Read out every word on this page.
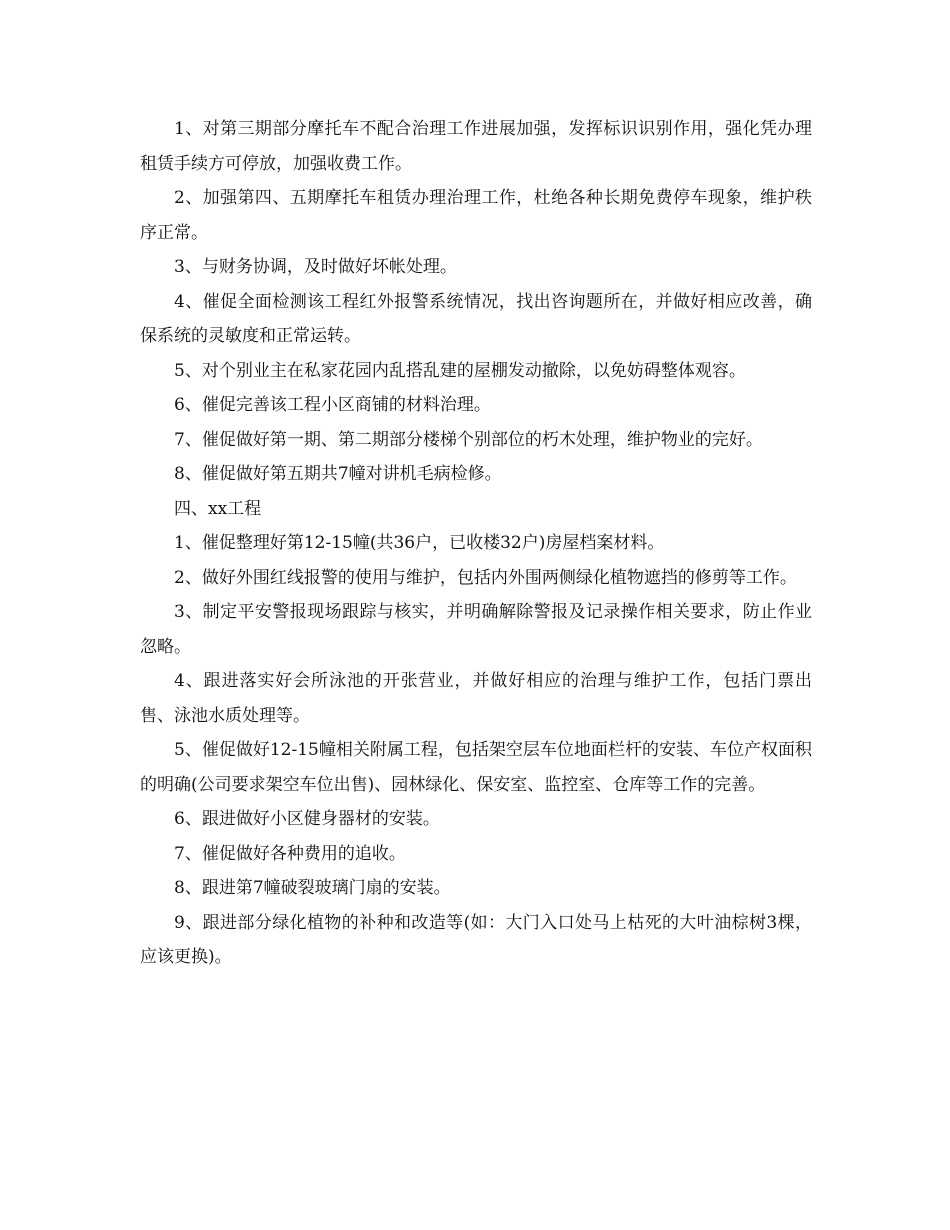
1、对第三期部分摩托车不配合治理工作进展加强，发挥标识识别作用，强化凭办理租赁手续方可停放，加强收费工作。

2、加强第四、五期摩托车租赁办理治理工作，杜绝各种长期免费停车现象，维护秩序正常。

3、与财务协调，及时做好坏帐处理。

4、催促全面检测该工程红外报警系统情况，找出咨询题所在，并做好相应改善，确保系统的灵敏度和正常运转。

5、对个别业主在私家花园内乱搭乱建的屋棚发动撤除，以免妨碍整体观容。

6、催促完善该工程小区商铺的材料治理。

7、催促做好第一期、第二期部分楼梯个别部位的朽木处理，维护物业的完好。

8、催促做好第五期共7幢对讲机毛病检修。

四、xx工程

1、催促整理好第12-15幢(共36户，已收楼32户)房屋档案材料。

2、做好外围红线报警的使用与维护，包括内外围两侧绿化植物遮挡的修剪等工作。

3、制定平安警报现场跟踪与核实，并明确解除警报及记录操作相关要求，防止作业忽略。

4、跟进落实好会所泳池的开张营业，并做好相应的治理与维护工作，包括门票出售、泳池水质处理等。

5、催促做好12-15幢相关附属工程，包括架空层车位地面栏杆的安装、车位产权面积的明确(公司要求架空车位出售)、园林绿化、保安室、监控室、仓库等工作的完善。

6、跟进做好小区健身器材的安装。

7、催促做好各种费用的追收。

8、跟进第7幢破裂玻璃门扇的安装。

9、跟进部分绿化植物的补种和改造等(如：大门入口处马上枯死的大叶油棕树3棵，应该更换)。
